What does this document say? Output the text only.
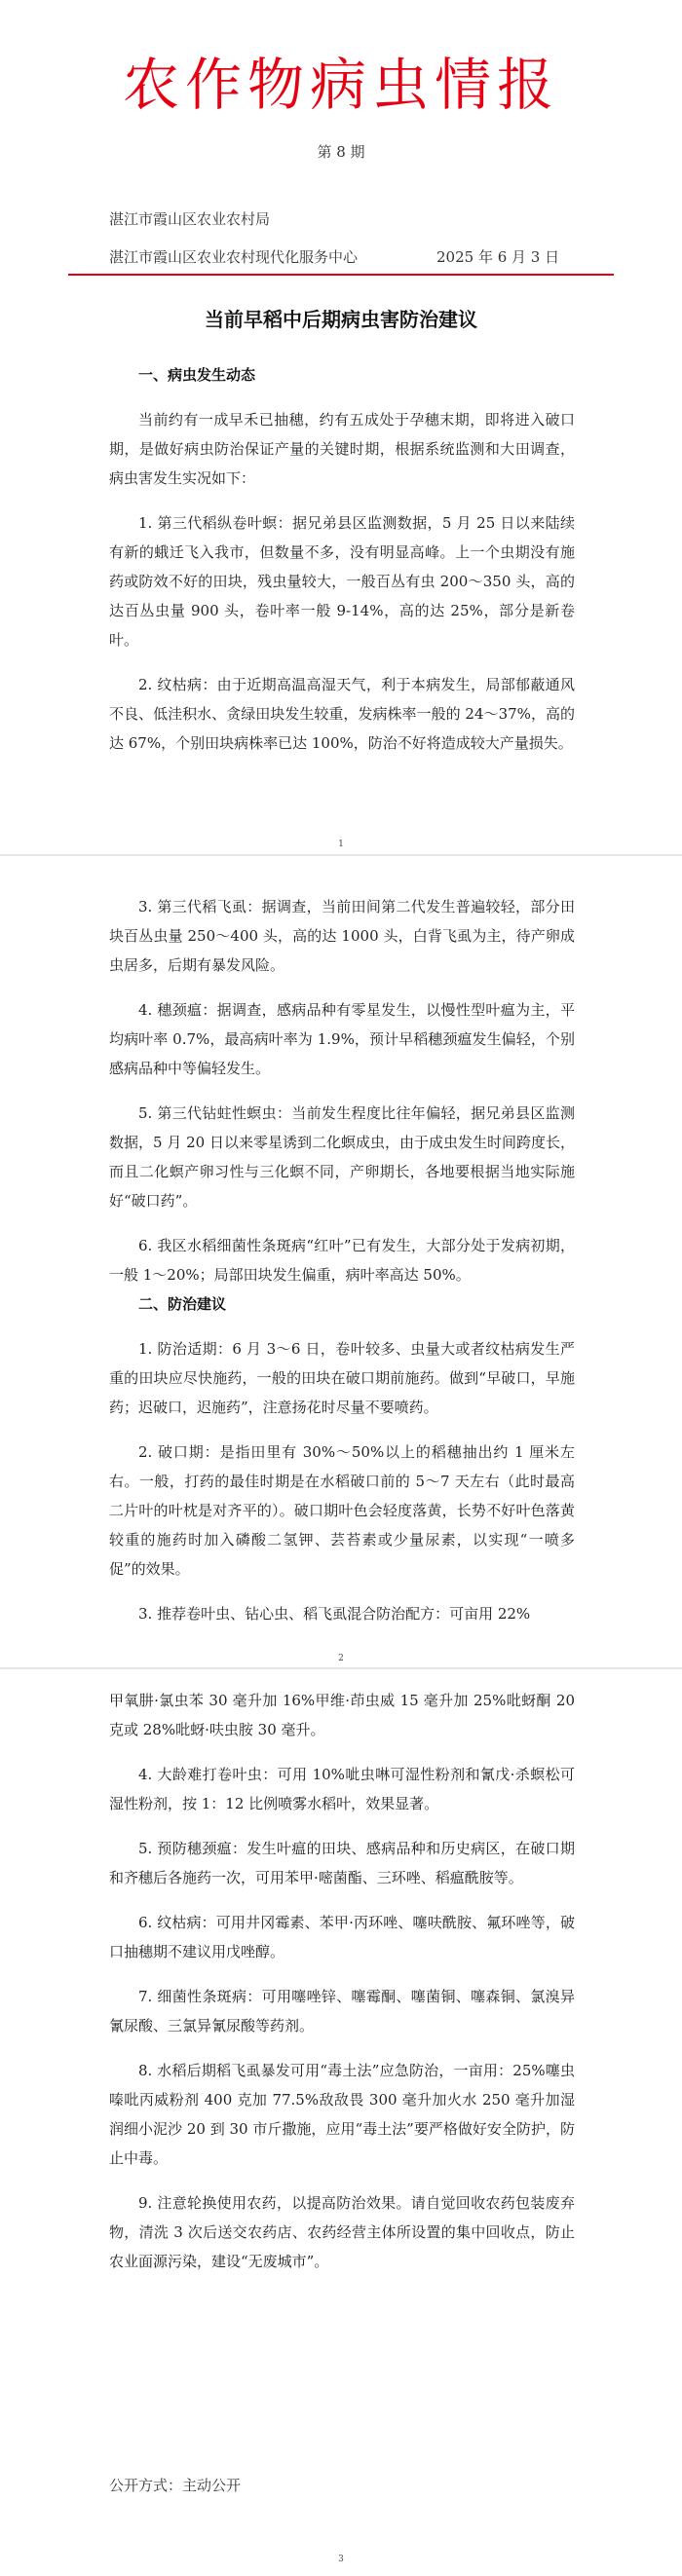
农作物病虫情报
第 8 期
湛江市霞山区农业农村局
湛江市霞山区农业农村现代化服务中心	2025 年 6 月 3 日
当前早稻中后期病虫害防治建议

一、病虫发生动态

当前约有一成早禾已抽穗，约有五成处于孕穗末期，即将进入破口期，是做好病虫防治保证产量的关键时期，根据系统监测和大田调查，病虫害发生实况如下：

1. 第三代稻纵卷叶螟：据兄弟县区监测数据，5 月 25 日以来陆续有新的蛾迁飞入我市，但数量不多，没有明显高峰。上一个虫期没有施药或防效不好的田块，残虫量较大，一般百丛有虫 200～350 头，高的达百丛虫量 900 头，卷叶率一般 9-14%，高的达 25%，部分是新卷叶。

2. 纹枯病：由于近期高温高湿天气，利于本病发生，局部郁蔽通风不良、低洼积水、贪绿田块发生较重，发病株率一般的 24～37%，高的达 67%，个别田块病株率已达 100%，防治不好将造成较大产量损失。

1

3. 第三代稻飞虱：据调查，当前田间第二代发生普遍较轻，部分田块百丛虫量 250～400 头，高的达 1000 头，白背飞虱为主，待产卵成虫居多，后期有暴发风险。

4. 穗颈瘟：据调查，感病品种有零星发生，以慢性型叶瘟为主，平均病叶率 0.7%，最高病叶率为 1.9%，预计早稻穗颈瘟发生偏轻，个别感病品种中等偏轻发生。

5. 第三代钻蛀性螟虫：当前发生程度比往年偏轻，据兄弟县区监测数据，5 月 20 日以来零星诱到二化螟成虫，由于成虫发生时间跨度长，而且二化螟产卵习性与三化螟不同，产卵期长，各地要根据当地实际施好“破口药”。

6. 我区水稻细菌性条斑病“红叶”已有发生，大部分处于发病初期，一般 1～20%；局部田块发生偏重，病叶率高达 50%。

二、防治建议

1. 防治适期：6 月 3～6 日，卷叶较多、虫量大或者纹枯病发生严重的田块应尽快施药，一般的田块在破口期前施药。做到“早破口，早施药；迟破口，迟施药”，注意扬花时尽量不要喷药。

2. 破口期：是指田里有 30%～50%以上的稻穗抽出约 1 厘米左右。一般，打药的最佳时期是在水稻破口前的 5～7 天左右（此时最高二片叶的叶枕是对齐平的）。破口期叶色会轻度落黄，长势不好叶色落黄较重的施药时加入磷酸二氢钾、芸苔素或少量尿素，以实现“一喷多促”的效果。

3. 推荐卷叶虫、钻心虫、稻飞虱混合防治配方：可亩用 22%

2

甲氧肼·氯虫苯 30 毫升加 16%甲维·茚虫威 15 毫升加 25%吡蚜酮 20 克或 28%吡蚜·呋虫胺 30 毫升。

4. 大龄难打卷叶虫：可用 10%呲虫啉可湿性粉剂和氰戊·杀螟松可湿性粉剂，按 1：12 比例喷雾水稻叶，效果显著。

5. 预防穗颈瘟：发生叶瘟的田块、感病品种和历史病区，在破口期和齐穗后各施药一次，可用苯甲·嘧菌酯、三环唑、稻瘟酰胺等。

6. 纹枯病：可用井冈霉素、苯甲·丙环唑、噻呋酰胺、氟环唑等，破口抽穗期不建议用戊唑醇。

7. 细菌性条斑病：可用噻唑锌、噻霉酮、噻菌铜、噻森铜、氯溴异氰尿酸、三氯异氰尿酸等药剂。

8. 水稻后期稻飞虱暴发可用“毒土法”应急防治，一亩用：25%噻虫嗪吡丙威粉剂 400 克加 77.5%敌敌畏 300 毫升加火水 250 毫升加湿润细小泥沙 20 到 30 市斤撒施，应用“毒土法”要严格做好安全防护，防止中毒。

9. 注意轮换使用农药，以提高防治效果。请自觉回收农药包装废弃物，清洗 3 次后送交农药店、农药经营主体所设置的集中回收点，防止农业面源污染，建设“无废城市”。

公开方式：主动公开
3
